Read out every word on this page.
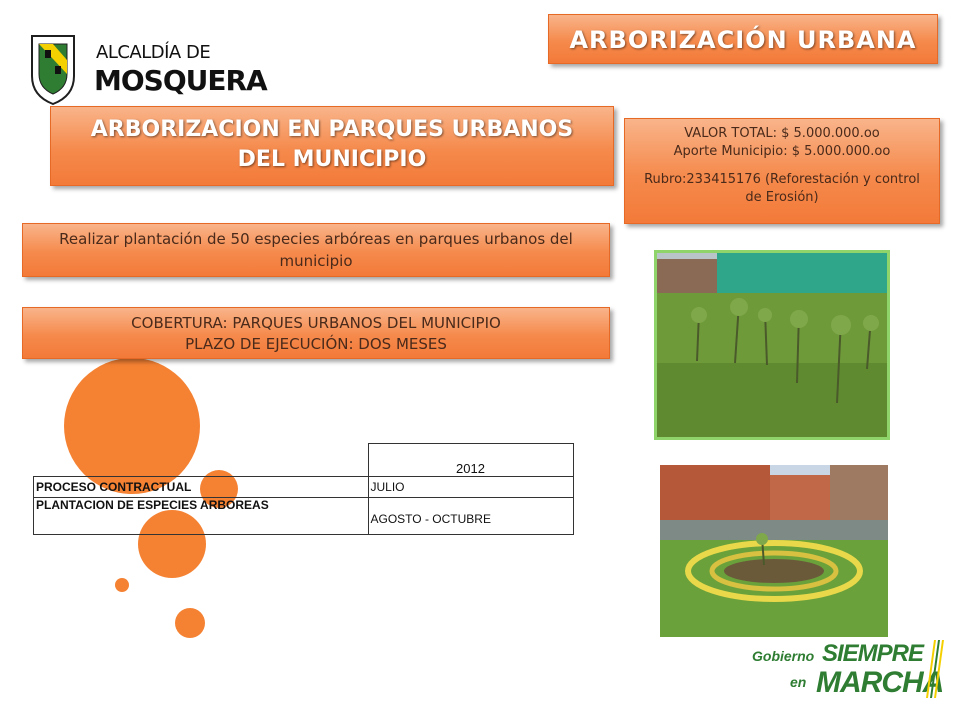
ALCALDÍA DE
MOSQUERA
ARBORIZACIÓN URBANA
ARBORIZACION EN PARQUES URBANOS
DEL MUNICIPIO
VALOR TOTAL: $ 5.000.000.oo
Aporte Municipio: $ 5.000.000.oo
Rubro:233415176 (Reforestación y control de Erosión)
Realizar plantación de 50 especies arbóreas en parques urbanos del municipio
COBERTURA: PARQUES URBANOS DEL MUNICIPIO
PLAZO DE EJECUCIÓN: DOS MESES
	2012
PROCESO CONTRACTUAL	JULIO
PLANTACION DE ESPECIES ARBOREAS	AGOSTO - OCTUBRE
Gobierno SIEMPRE
en MARCHA
